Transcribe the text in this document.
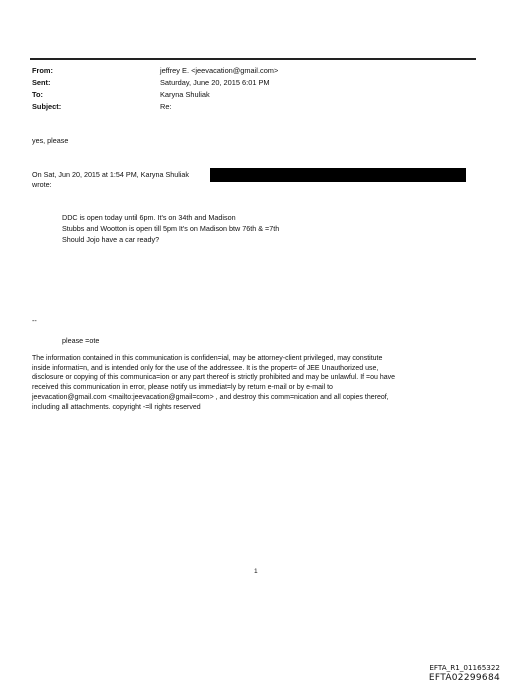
From:	jeffrey E. <jeevacation@gmail.com>
Sent:	Saturday, June 20, 2015 6:01 PM
To:	Karyna Shuliak
Subject:	Re:
yes, please
On Sat, Jun 20, 2015 at 1:54 PM, Karyna Shuliak
wrote:
DDC is open today until 6pm. It's on 34th and Madison
Stubbs and Wootton is open till 5pm It's on Madison btw 76th & =7th
Should Jojo have a car ready?
--
please =ote
The information contained in this communication is confiden=ial, may be attorney-client privileged, may constitute
inside informati=n, and is intended only for the use of the addressee. It is the propert= of JEE Unauthorized use,
disclosure or copying of this communica=ion or any part thereof is strictly prohibited and may be unlawful. If =ou have
received this communication in error, please notify us immediat=ly by return e-mail or by e-mail to
jeevacation@gmail.com <mailto:jeevacation@gmail=com> , and destroy this comm=nication and all copies thereof,
including all attachments. copyright -=ll rights reserved
1
EFTA_R1_01165322
EFTA02299684
